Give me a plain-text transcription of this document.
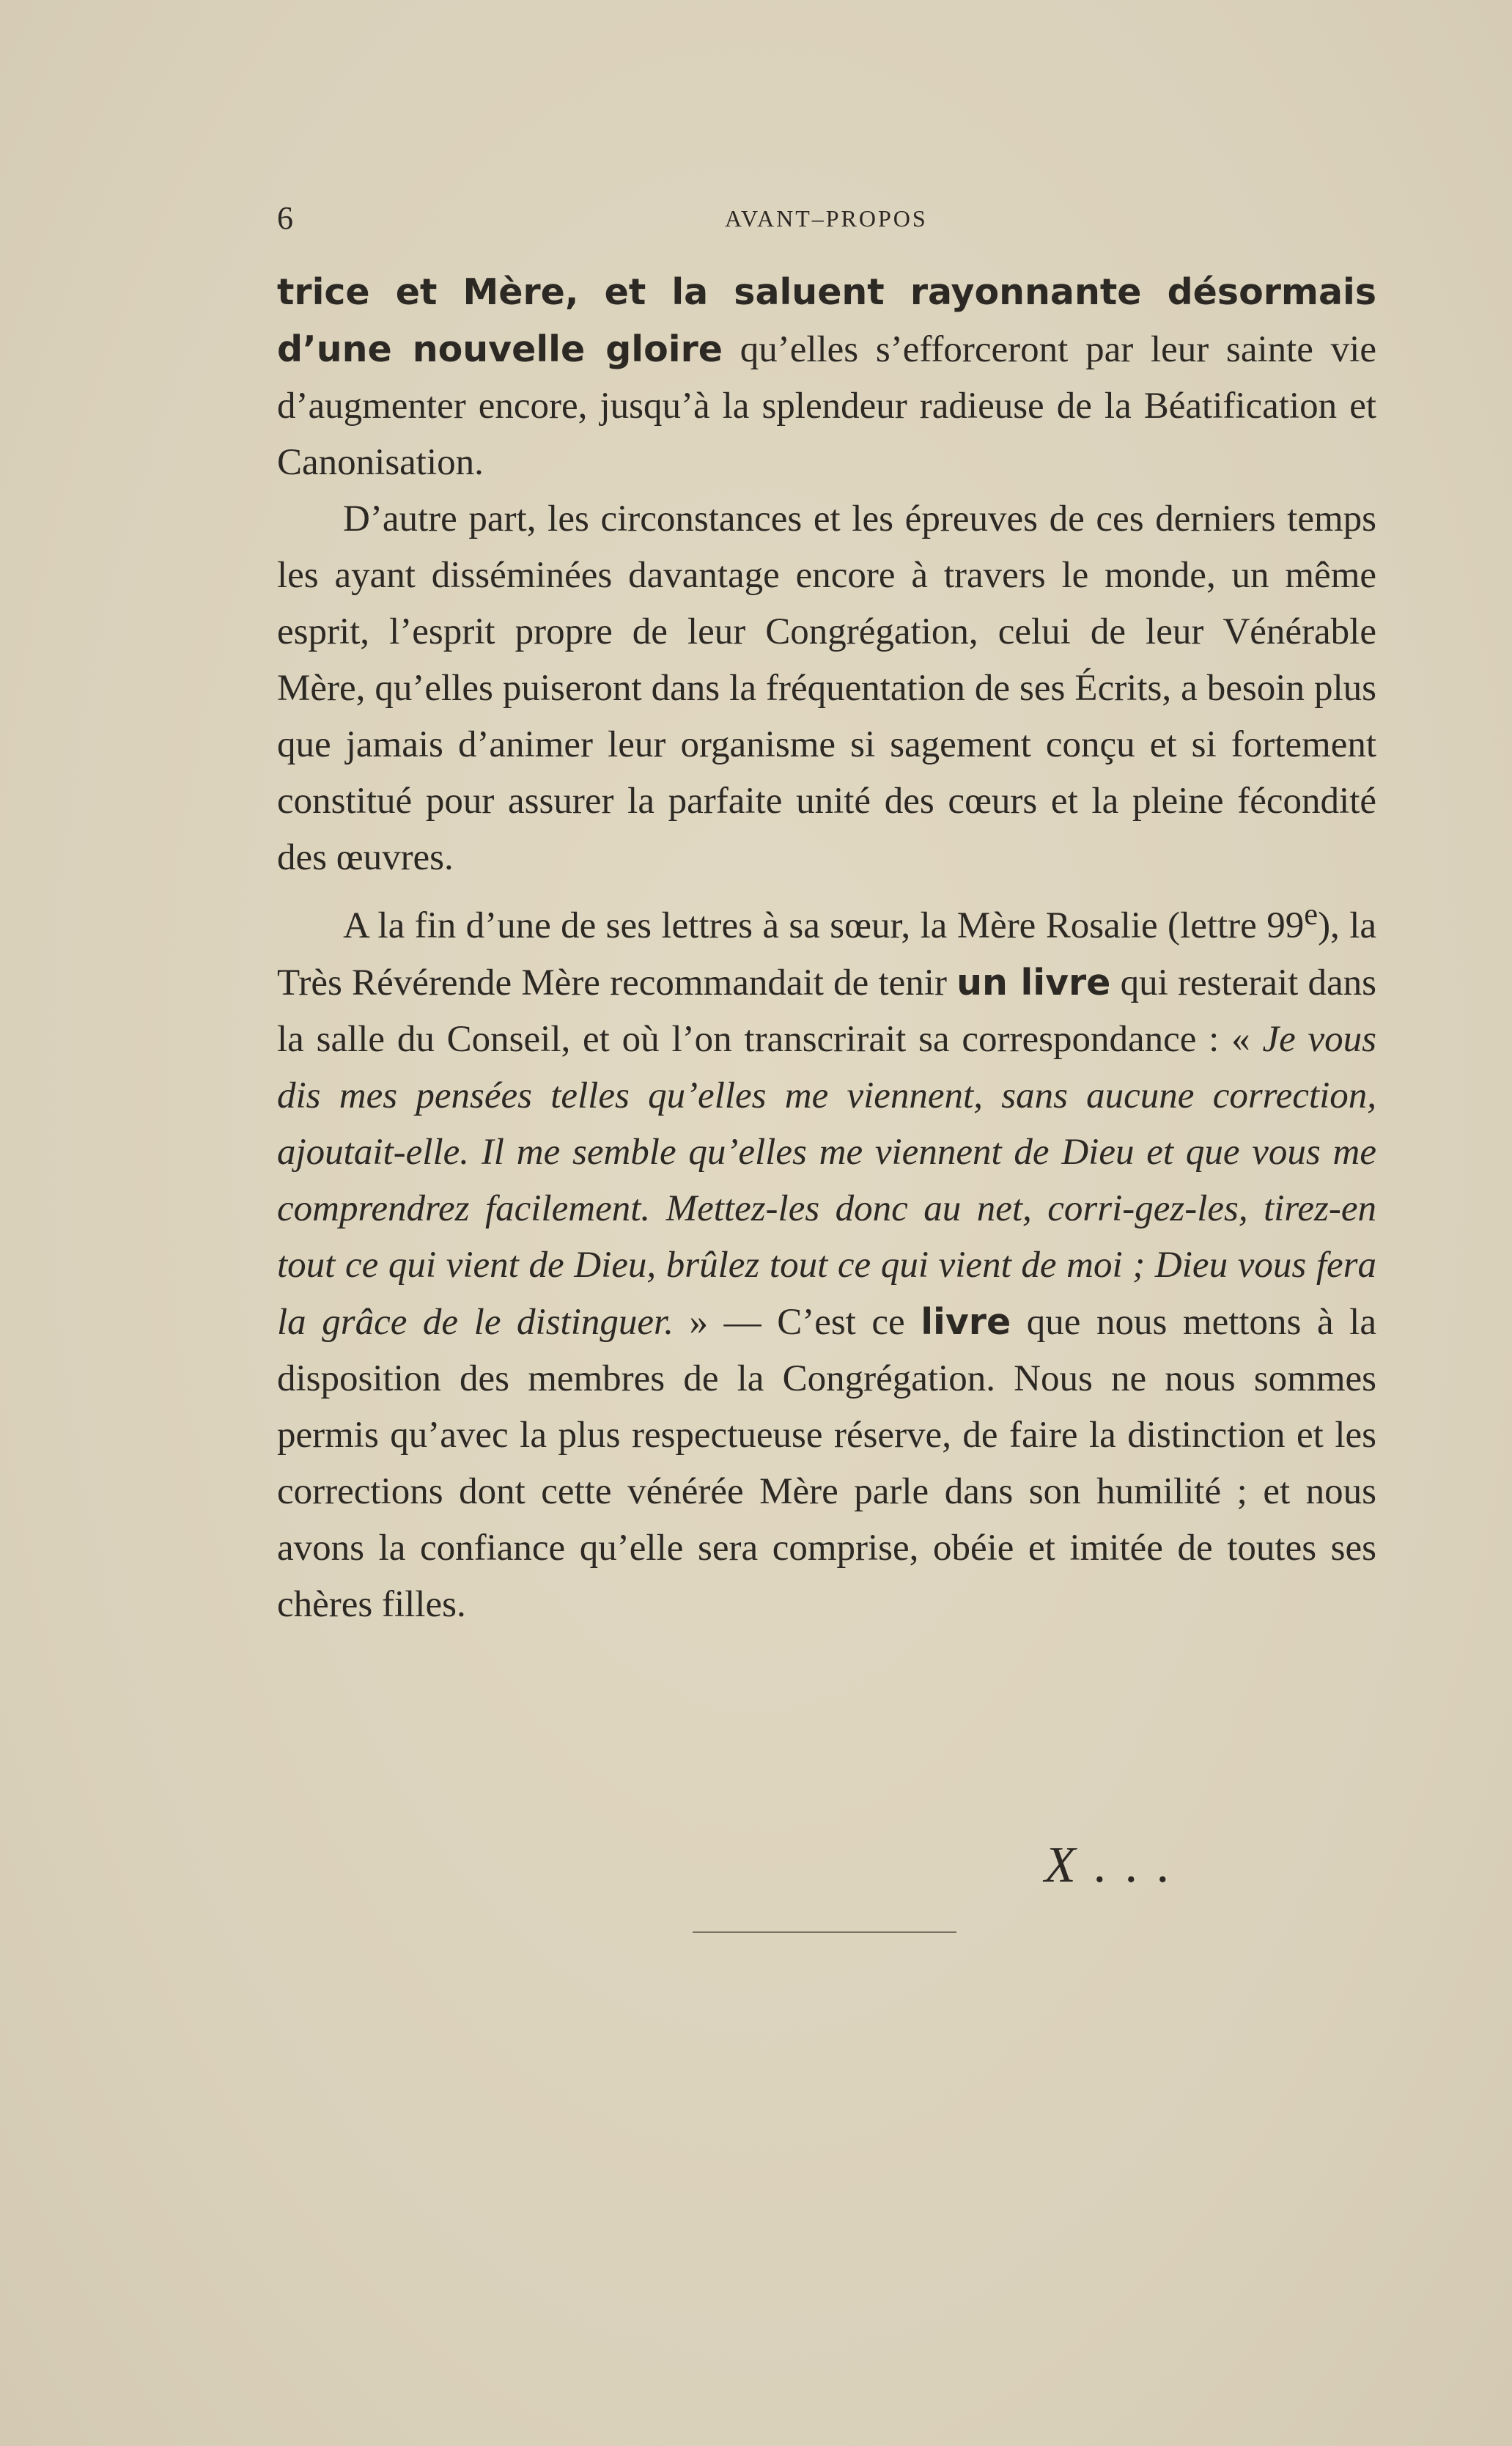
6	AVANT–PROPOS

trice et Mère, et la saluent rayonnante désormais d’une nouvelle gloire qu’elles s’efforceront par leur sainte vie d’augmenter encore, jusqu’à la splendeur radieuse de la Béatification et Canonisation.

D’autre part, les circonstances et les épreuves de ces derniers temps les ayant disséminées davantage encore à travers le monde, un même esprit, l’esprit propre de leur Congrégation, celui de leur Vénérable Mère, qu’elles puiseront dans la fréquentation de ses Écrits, a besoin plus que jamais d’animer leur organisme si sagement conçu et si fortement constitué pour assurer la parfaite unité des cœurs et la pleine fécondité des œuvres.

A la fin d’une de ses lettres à sa sœur, la Mère Rosalie (lettre 99e), la Très Révérende Mère recommandait de tenir un livre qui resterait dans la salle du Conseil, et où l’on transcrirait sa correspondance : « Je vous dis mes pensées telles qu’elles me viennent, sans aucune correction, ajoutait-elle. Il me semble qu’elles me viennent de Dieu et que vous me comprendrez facilement. Mettez-les donc au net, corri-gez-les, tirez-en tout ce qui vient de Dieu, brûlez tout ce qui vient de moi ; Dieu vous fera la grâce de le distinguer. » — C’est ce livre que nous mettons à la disposition des membres de la Congrégation. Nous ne nous sommes permis qu’avec la plus respectueuse réserve, de faire la distinction et les corrections dont cette vénérée Mère parle dans son humilité ; et nous avons la confiance qu’elle sera comprise, obéie et imitée de toutes ses chères filles.

X . . .
